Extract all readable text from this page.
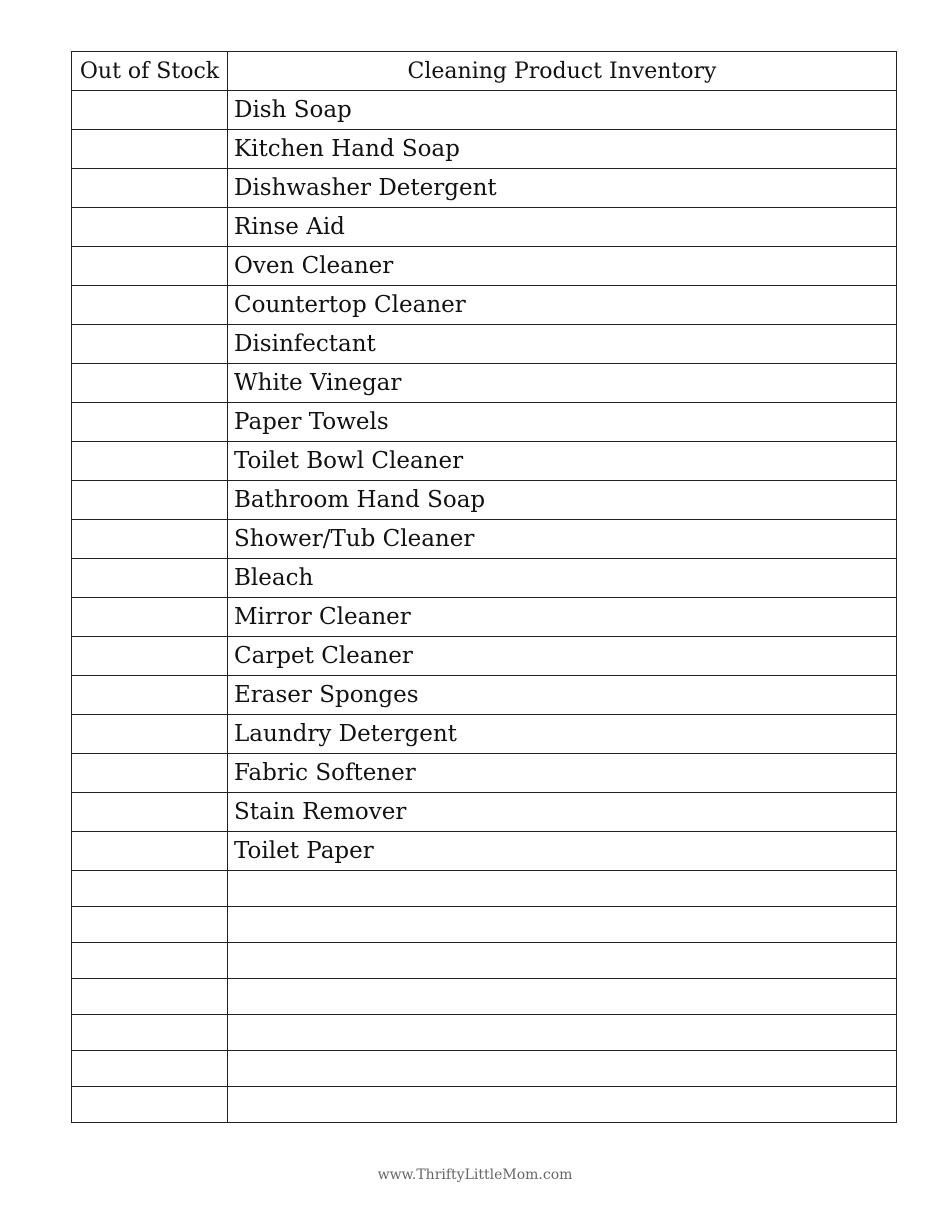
Out of Stock	Cleaning Product Inventory
	Dish Soap
	Kitchen Hand Soap
	Dishwasher Detergent
	Rinse Aid
	Oven Cleaner
	Countertop Cleaner
	Disinfectant
	White Vinegar
	Paper Towels
	Toilet Bowl Cleaner
	Bathroom Hand Soap
	Shower/Tub Cleaner
	Bleach
	Mirror Cleaner
	Carpet Cleaner
	Eraser Sponges
	Laundry Detergent
	Fabric Softener
	Stain Remover
	Toilet Paper

www.ThriftyLittleMom.com
